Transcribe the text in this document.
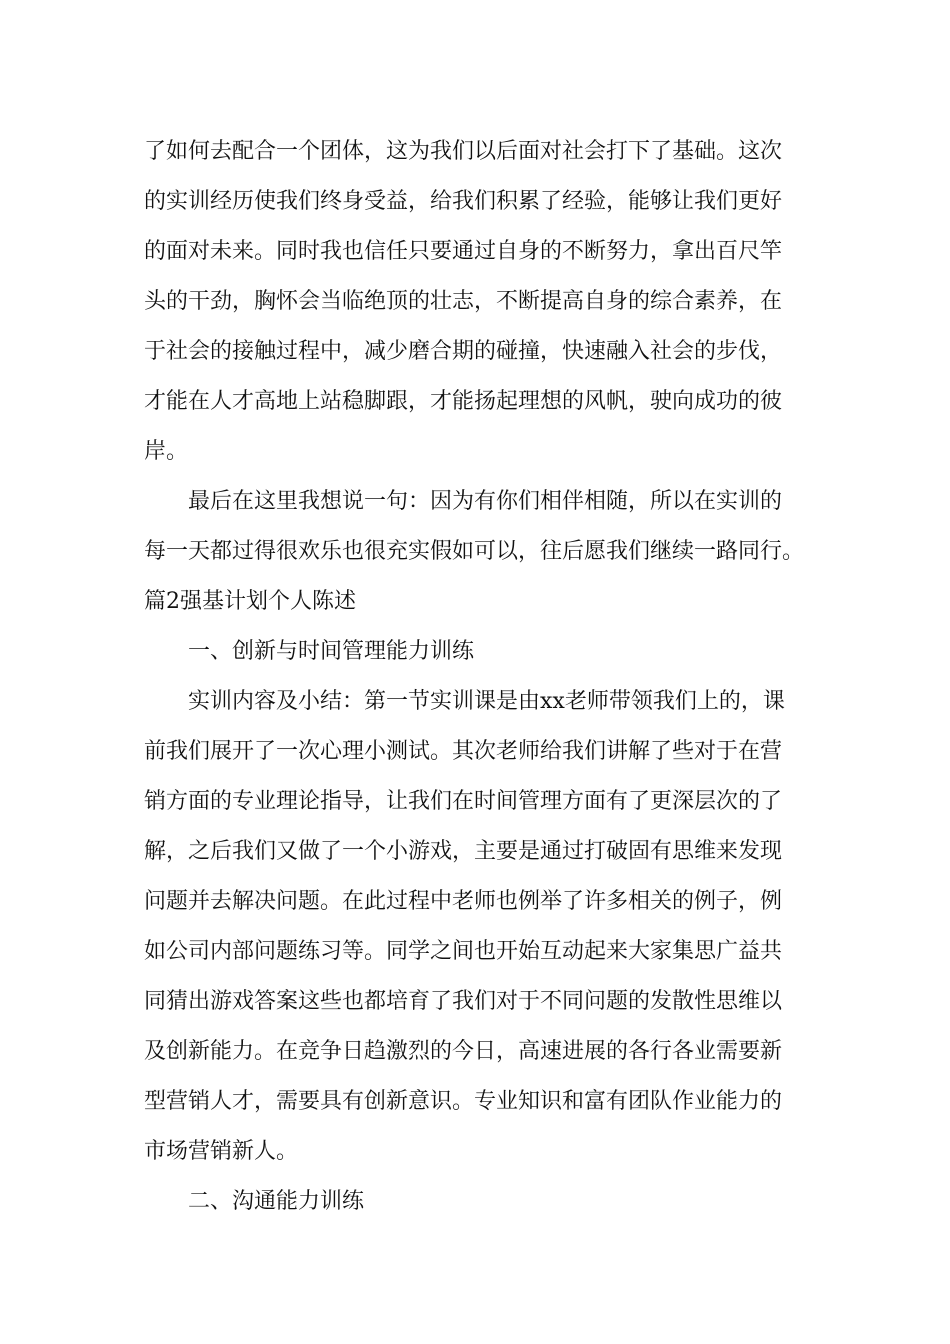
了如何去配合一个团体，这为我们以后面对社会打下了基础。这次
的实训经历使我们终身受益，给我们积累了经验，能够让我们更好
的面对未来。同时我也信任只要通过自身的不断努力，拿出百尺竿
头的干劲，胸怀会当临绝顶的壮志，不断提高自身的综合素养，在
于社会的接触过程中，减少磨合期的碰撞，快速融入社会的步伐，
才能在人才高地上站稳脚跟，才能扬起理想的风帆，驶向成功的彼
岸。
最后在这里我想说一句：因为有你们相伴相随，所以在实训的
每一天都过得很欢乐也很充实假如可以，往后愿我们继续一路同行。
篇2强基计划个人陈述
一、创新与时间管理能力训练
实训内容及小结：第一节实训课是由xx老师带领我们上的，课
前我们展开了一次心理小测试。其次老师给我们讲解了些对于在营
销方面的专业理论指导，让我们在时间管理方面有了更深层次的了
解，之后我们又做了一个小游戏，主要是通过打破固有思维来发现
问题并去解决问题。在此过程中老师也例举了许多相关的例子，例
如公司内部问题练习等。同学之间也开始互动起来大家集思广益共
同猜出游戏答案这些也都培育了我们对于不同问题的发散性思维以
及创新能力。在竞争日趋激烈的今日，高速进展的各行各业需要新
型营销人才，需要具有创新意识。专业知识和富有团队作业能力的
市场营销新人。
二、沟通能力训练
